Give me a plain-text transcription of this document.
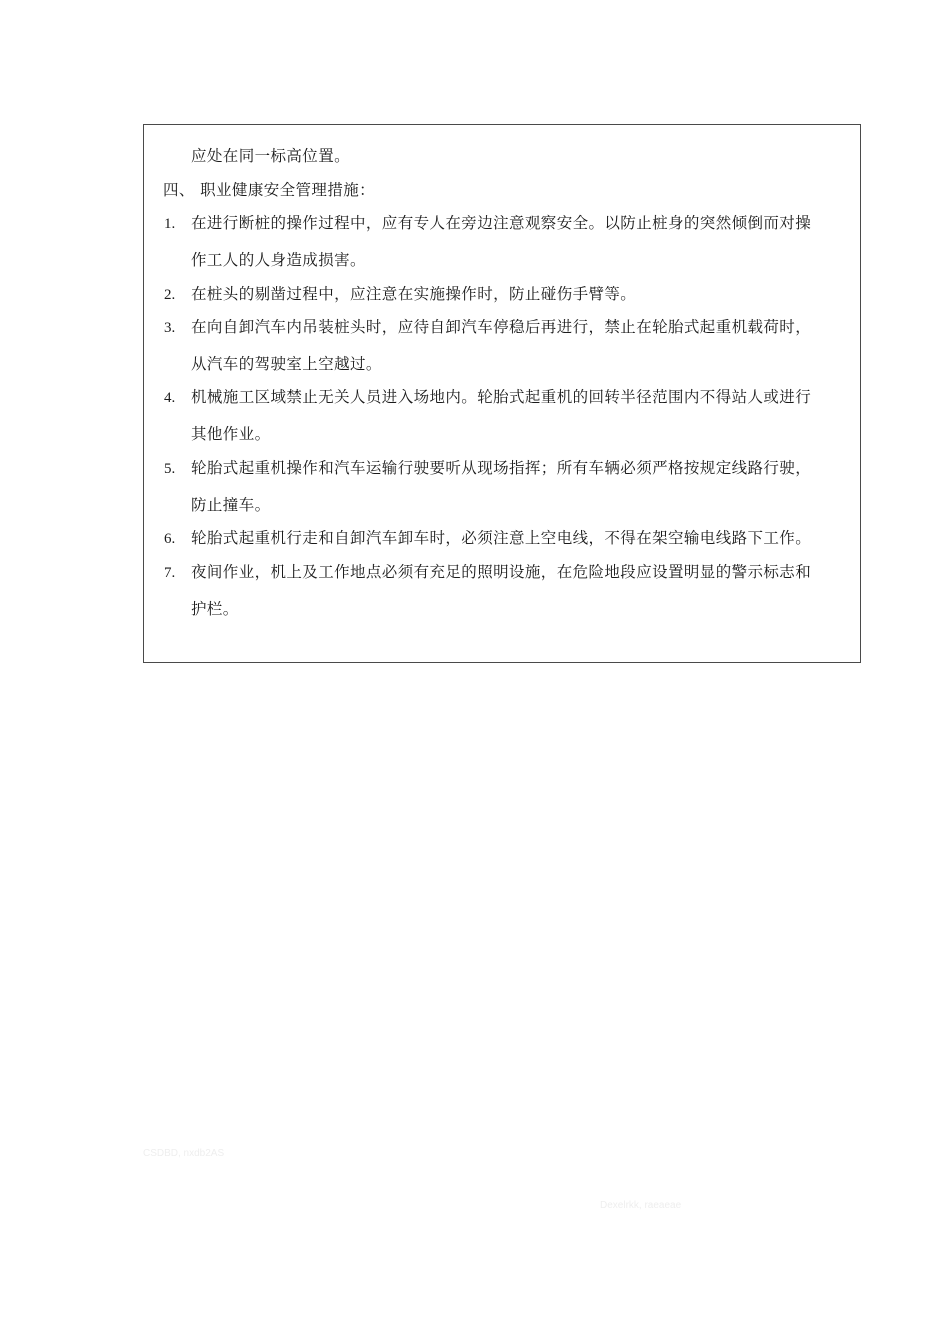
应处在同一标高位置。
四、 职业健康安全管理措施：
1. 在进行断桩的操作过程中，应有专人在旁边注意观察安全。以防止桩身的突然倾倒而对操
作工人的人身造成损害。
2. 在桩头的剔凿过程中，应注意在实施操作时，防止碰伤手臂等。
3. 在向自卸汽车内吊装桩头时，应待自卸汽车停稳后再进行，禁止在轮胎式起重机载荷时，
从汽车的驾驶室上空越过。
4. 机械施工区域禁止无关人员进入场地内。轮胎式起重机的回转半径范围内不得站人或进行
其他作业。
5. 轮胎式起重机操作和汽车运输行驶要听从现场指挥；所有车辆必须严格按规定线路行驶，
防止撞车。
6. 轮胎式起重机行走和自卸汽车卸车时，必须注意上空电线，不得在架空输电线路下工作。
7. 夜间作业，机上及工作地点必须有充足的照明设施，在危险地段应设置明显的警示标志和
护栏。
CSDBD, nxdb2AS
Dexelrkk, raeaeae
